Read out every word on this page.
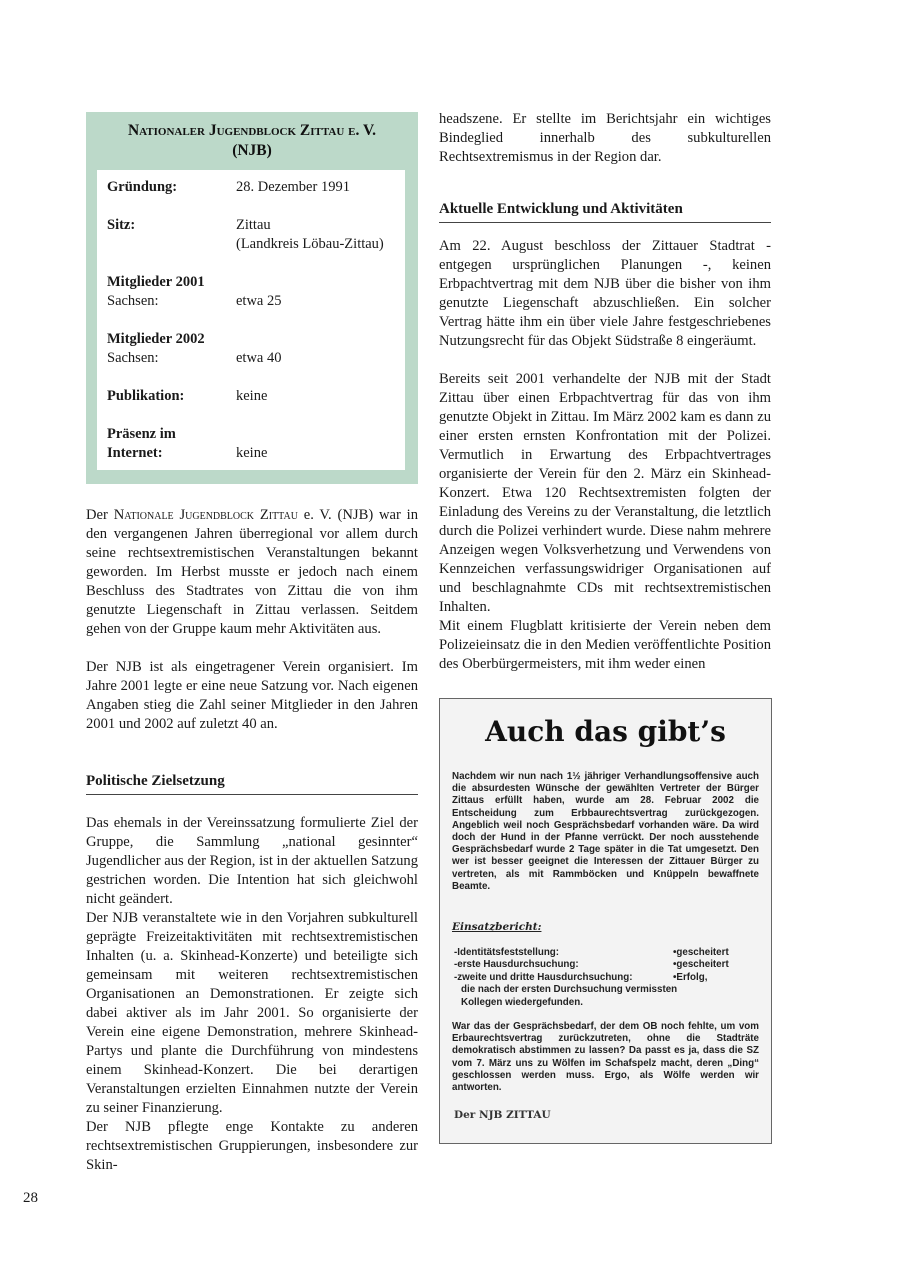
Nationaler Jugendblock Zittau e. V.
(NJB)
Gründung:	28. Dezember 1991
Sitz:	Zittau
(Landkreis Löbau-Zittau)
Mitglieder 2001
Sachsen:	etwa 25
Mitglieder 2002
Sachsen:	etwa 40
Publikation:	keine
Präsenz im
Internet:	keine

Der Nationale Jugendblock Zittau e. V. (NJB) war in den vergangenen Jahren überregional vor allem durch seine rechtsextremistischen Veranstaltungen bekannt geworden. Im Herbst musste er jedoch nach einem Beschluss des Stadtrates von Zittau die von ihm genutzte Liegenschaft in Zittau verlassen. Seitdem gehen von der Gruppe kaum mehr Aktivitäten aus.

Der NJB ist als eingetragener Verein organisiert. Im Jahre 2001 legte er eine neue Satzung vor. Nach eigenen Angaben stieg die Zahl seiner Mitglieder in den Jahren 2001 und 2002 auf zuletzt 40 an.

Politische Zielsetzung

Das ehemals in der Vereinssatzung formulierte Ziel der Gruppe, die Sammlung „national gesinnter“ Jugendlicher aus der Region, ist in der aktuellen Satzung gestrichen worden. Die Intention hat sich gleichwohl nicht geändert.

Der NJB veranstaltete wie in den Vorjahren subkulturell geprägte Freizeitaktivitäten mit rechtsextremistischen Inhalten (u. a. Skinhead-Konzerte) und beteiligte sich gemeinsam mit weiteren rechtsextremistischen Organisationen an Demonstrationen. Er zeigte sich dabei aktiver als im Jahr 2001. So organisierte der Verein eine eigene Demonstration, mehrere Skinhead-Partys und plante die Durchführung von mindestens einem Skinhead-Konzert. Die bei derartigen Veranstaltungen erzielten Einnahmen nutzte der Verein zu seiner Finanzierung.

Der NJB pflegte enge Kontakte zu anderen rechtsextremistischen Gruppierungen, insbesondere zur Skin-

headszene. Er stellte im Berichtsjahr ein wichtiges Bindeglied innerhalb des subkulturellen Rechtsextremismus in der Region dar.

Aktuelle Entwicklung und Aktivitäten

Am 22. August beschloss der Zittauer Stadtrat - entgegen ursprünglichen Planungen -, keinen Erbpachtvertrag mit dem NJB über die bisher von ihm genutzte Liegenschaft abzuschließen. Ein solcher Vertrag hätte ihm ein über viele Jahre festgeschriebenes Nutzungsrecht für das Objekt Südstraße 8 eingeräumt.

Bereits seit 2001 verhandelte der NJB mit der Stadt Zittau über einen Erbpachtvertrag für das von ihm genutzte Objekt in Zittau. Im März 2002 kam es dann zu einer ersten ernsten Konfrontation mit der Polizei. Vermutlich in Erwartung des Erbpachtvertrages organisierte der Verein für den 2. März ein Skinhead-Konzert. Etwa 120 Rechtsextremisten folgten der Einladung des Vereins zu der Veranstaltung, die letztlich durch die Polizei verhindert wurde. Diese nahm mehrere Anzeigen wegen Volksverhetzung und Verwendens von Kennzeichen verfassungswidriger Organisationen auf und beschlagnahmte CDs mit rechtsextremistischen Inhalten.

Mit einem Flugblatt kritisierte der Verein neben dem Polizeieinsatz die in den Medien veröffentlichte Position des Oberbürgermeisters, mit ihm weder einen

Auch das gibt’s
Nachdem wir nun nach 1½ jähriger Verhandlungsoffensive auch die absurdesten Wünsche der gewählten Vertreter der Bürger Zittaus erfüllt haben, wurde am 28. Februar 2002 die Entscheidung zum Erbbaurechtsvertrag zurückgezogen. Angeblich weil noch Gesprächsbedarf vorhanden wäre. Da wird doch der Hund in der Pfanne verrückt. Der noch ausstehende Gesprächsbedarf wurde 2 Tage später in die Tat umgesetzt. Den wer ist besser geeignet die Interessen der Zittauer Bürger zu vertreten, als mit Rammböcken und Knüppeln bewaffnete Beamte.
Einsatzbericht:
-Identitätsfeststellung:	•gescheitert
-erste Hausdurchsuchung:	•gescheitert
-zweite und dritte Hausdurchsuchung:	•Erfolg,
die nach der ersten Durchsuchung vermissten
Kollegen wiedergefunden.
War das der Gesprächsbedarf, der dem OB noch fehlte, um vom Erbaurechtsvertrag zurückzutreten, ohne die Stadträte demokratisch abstimmen zu lassen? Da passt es ja, dass die SZ vom 7. März uns zu Wölfen im Schafspelz macht, deren „Ding“ geschlossen werden muss. Ergo, als Wölfe werden wir antworten.
Der NJB ZITTAU
28
